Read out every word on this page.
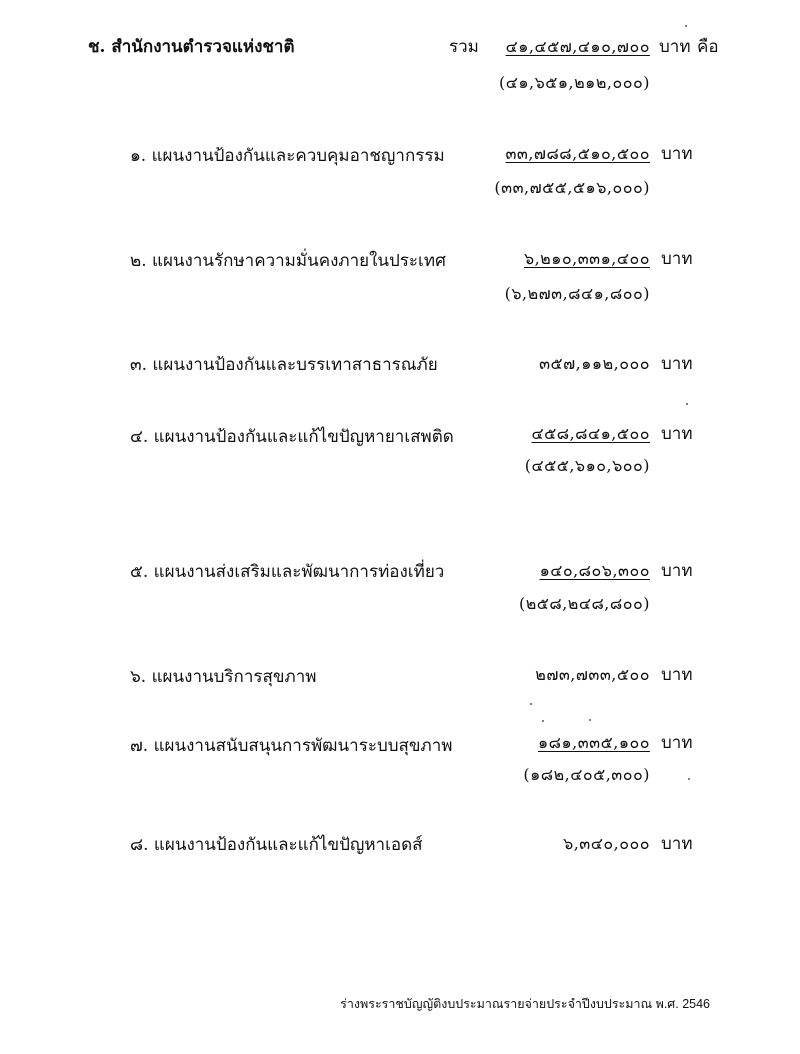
ช. สำนักงานตำรวจแห่งชาติ	รวม ๔๑,๔๕๗,๔๑๐,๗๐๐ บาท คือ
(๔๑,๖๕๑,๒๑๒,๐๐๐)
๑. แผนงานป้องกันและควบคุมอาชญากรรม	๓๓,๗๘๘,๕๑๐,๕๐๐ บาท
(๓๓,๗๕๕,๕๑๖,๐๐๐)
๒. แผนงานรักษาความมั่นคงภายในประเทศ	๖,๒๑๐,๓๓๑,๔๐๐ บาท
(๖,๒๗๓,๘๔๑,๘๐๐)
๓. แผนงานป้องกันและบรรเทาสาธารณภัย	๓๕๗,๑๑๒,๐๐๐ บาท
๔. แผนงานป้องกันและแก้ไขปัญหายาเสพติด	๔๕๘,๘๔๑,๕๐๐ บาท
(๔๕๕,๖๑๐,๖๐๐)
๕. แผนงานส่งเสริมและพัฒนาการท่องเที่ยว	๑๔๐,๘๐๖,๓๐๐ บาท
(๒๕๘,๒๔๘,๘๐๐)
๖. แผนงานบริการสุขภาพ	๒๗๓,๗๓๓,๕๐๐ บาท
๗. แผนงานสนับสนุนการพัฒนาระบบสุขภาพ	๑๘๑,๓๓๕,๑๐๐ บาท
(๑๘๒,๔๐๕,๓๐๐)
๘. แผนงานป้องกันและแก้ไขปัญหาเอดส์	๖,๓๔๐,๐๐๐ บาท
ร่างพระราชบัญญัติงบประมาณรายจ่ายประจำปีงบประมาณ พ.ศ. 2546
